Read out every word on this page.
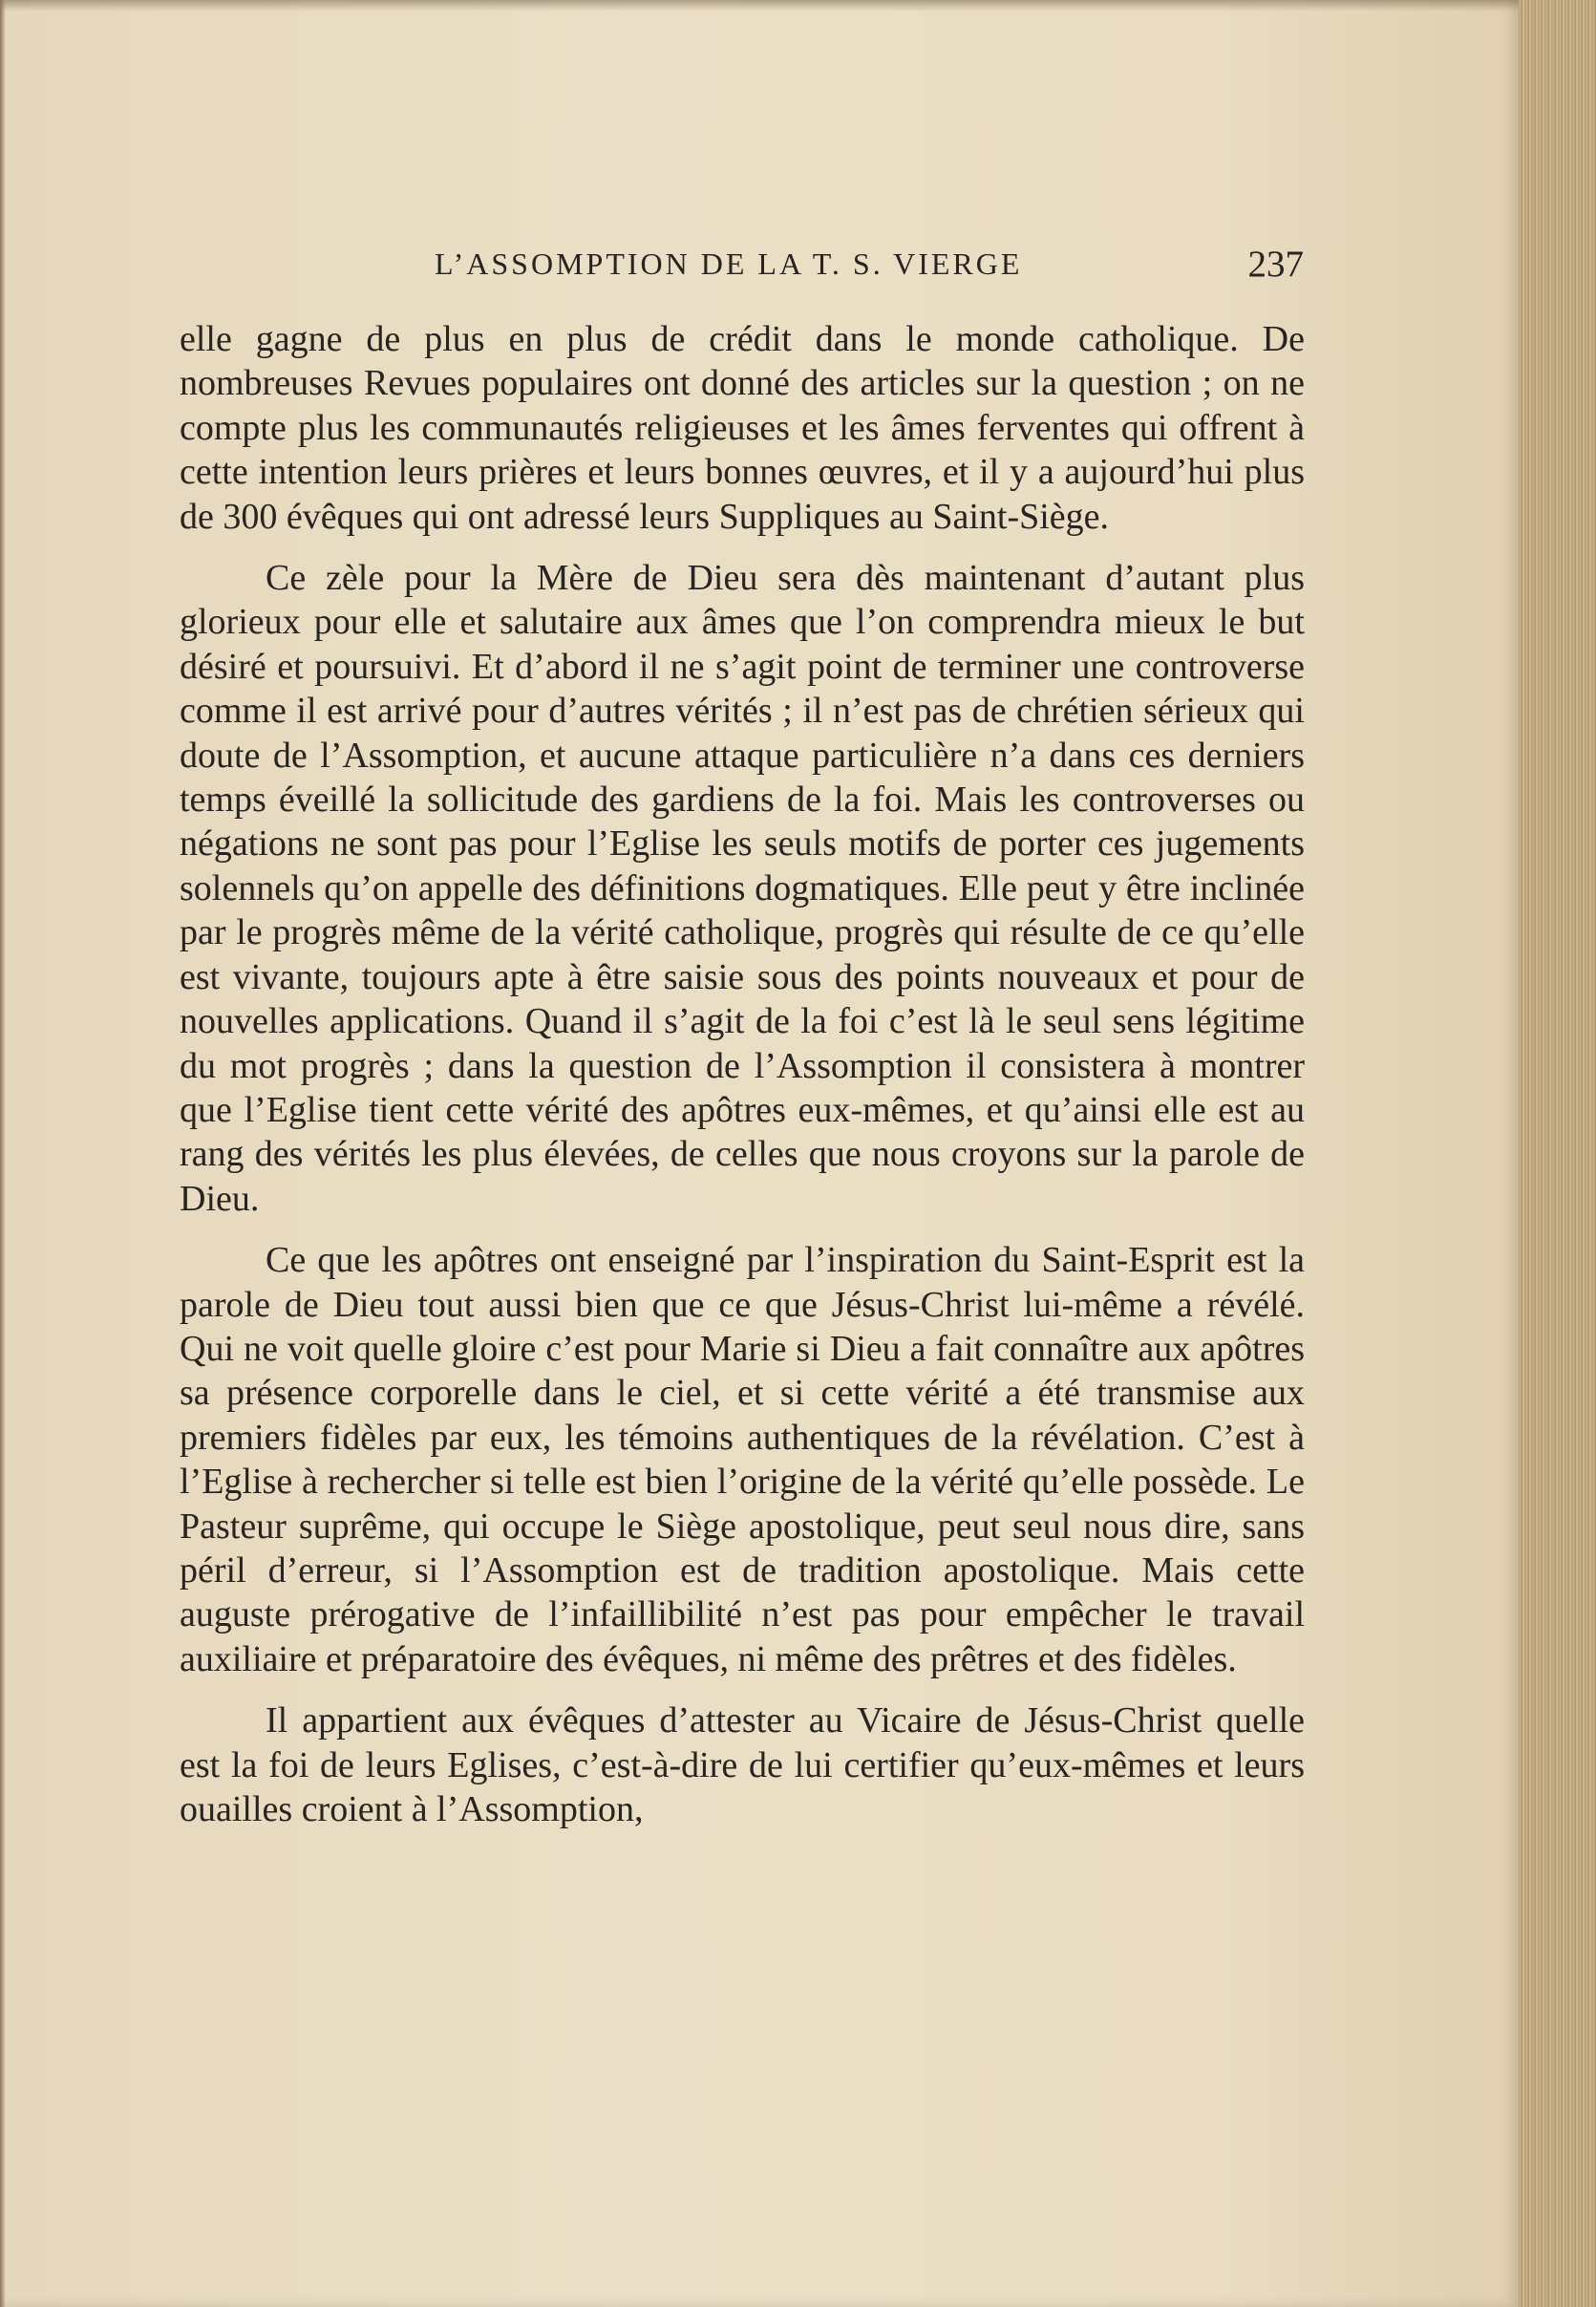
L’ASSOMPTION DE LA T. S. VIERGE	237

elle gagne de plus en plus de crédit dans le monde catholique. De nombreuses Revues populaires ont donné des articles sur la question ; on ne compte plus les communautés religieuses et les âmes ferventes qui offrent à cette intention leurs prières et leurs bonnes œuvres, et il y a aujourd’hui plus de 300 évêques qui ont adressé leurs Suppliques au Saint-Siège.

Ce zèle pour la Mère de Dieu sera dès maintenant d’autant plus glorieux pour elle et salutaire aux âmes que l’on comprendra mieux le but désiré et poursuivi. Et d’abord il ne s’agit point de terminer une controverse comme il est arrivé pour d’autres vérités ; il n’est pas de chrétien sérieux qui doute de l’Assomption, et aucune attaque particulière n’a dans ces derniers temps éveillé la sollicitude des gardiens de la foi. Mais les controverses ou négations ne sont pas pour l’Eglise les seuls motifs de porter ces jugements solennels qu’on appelle des définitions dogmatiques. Elle peut y être inclinée par le progrès même de la vérité catholique, progrès qui résulte de ce qu’elle est vivante, toujours apte à être saisie sous des points nouveaux et pour de nouvelles applications. Quand il s’agit de la foi c’est là le seul sens légitime du mot progrès ; dans la question de l’Assomption il consistera à montrer que l’Eglise tient cette vérité des apôtres eux-mêmes, et qu’ainsi elle est au rang des vérités les plus élevées, de celles que nous croyons sur la parole de Dieu.

Ce que les apôtres ont enseigné par l’inspiration du Saint-Esprit est la parole de Dieu tout aussi bien que ce que Jésus-Christ lui-même a révélé. Qui ne voit quelle gloire c’est pour Marie si Dieu a fait connaître aux apôtres sa présence corporelle dans le ciel, et si cette vérité a été transmise aux premiers fidèles par eux, les témoins authentiques de la révélation. C’est à l’Eglise à rechercher si telle est bien l’origine de la vérité qu’elle possède. Le Pasteur suprême, qui occupe le Siège apostolique, peut seul nous dire, sans péril d’erreur, si l’Assomption est de tradition apostolique. Mais cette auguste prérogative de l’infaillibilité n’est pas pour empêcher le travail auxiliaire et préparatoire des évêques, ni même des prêtres et des fidèles.

Il appartient aux évêques d’attester au Vicaire de Jésus-Christ quelle est la foi de leurs Eglises, c’est-à-dire de lui certifier qu’eux-mêmes et leurs ouailles croient à l’Assomption,
